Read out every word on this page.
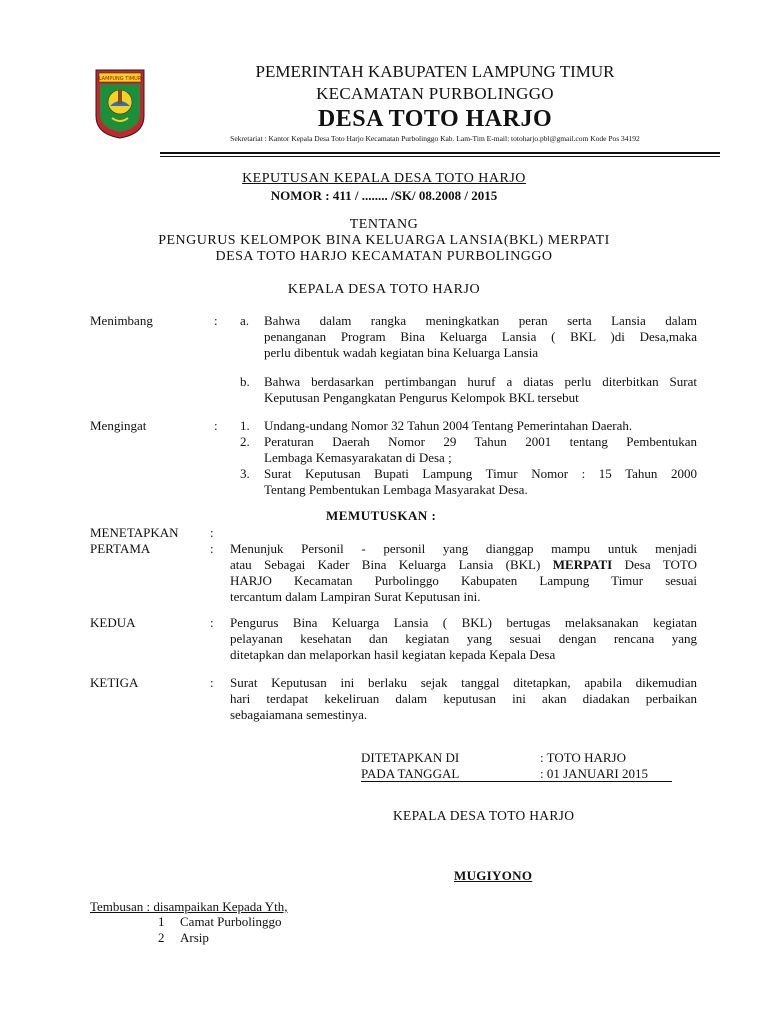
LAMPUNG TIMUR	PEMERINTAH KABUPATEN LAMPUNG TIMUR
KECAMATAN PURBOLINGGO
DESA TOTO HARJO
Sekretariat : Kantor Kepala Desa Toto Harjo Kecamatan Purbolinggo Kab. Lam-Tim E-mail: totoharjo.pbl@gmail.com Kode Pos 34192
KEPUTUSAN KEPALA DESA TOTO HARJO
NOMOR : 411 / ........ /SK/ 08.2008 / 2015
TENTANG
PENGURUS KELOMPOK BINA KELUARGA LANSIA(BKL) MERPATI
DESA TOTO HARJO KECAMATAN PURBOLINGGO
KEPALA DESA TOTO HARJO
Menimbang	: a. Bahwa dalam rangka meningkatkan peran serta Lansia dalam
penanganan Program Bina Keluarga Lansia ( BKL )di Desa,maka
perlu dibentuk wadah kegiatan bina Keluarga Lansia
b. Bahwa berdasarkan pertimbangan huruf a diatas perlu diterbitkan Surat
Keputusan Pengangkatan Pengurus Kelompok BKL tersebut
Mengingat	: 1. Undang-undang Nomor 32 Tahun 2004 Tentang Pemerintahan Daerah.
2. Peraturan Daerah Nomor 29 Tahun 2001 tentang Pembentukan
Lembaga Kemasyarakatan di Desa ;
3. Surat Keputusan Bupati Lampung Timur Nomor : 15 Tahun 2000
Tentang Pembentukan Lembaga Masyarakat Desa.
MEMUTUSKAN :
MENETAPKAN :
PERTAMA	: Menunjuk Personil - personil yang dianggap mampu untuk menjadi
atau Sebagai Kader Bina Keluarga Lansia (BKL) MERPATI Desa TOTO
HARJO Kecamatan Purbolinggo Kabupaten Lampung Timur sesuai
tercantum dalam Lampiran Surat Keputusan ini.
KEDUA	: Pengurus Bina Keluarga Lansia ( BKL) bertugas melaksanakan kegiatan
pelayanan kesehatan dan kegiatan yang sesuai dengan rencana yang
ditetapkan dan melaporkan hasil kegiatan kepada Kepala Desa
KETIGA	: Surat Keputusan ini berlaku sejak tanggal ditetapkan, apabila dikemudian
hari terdapat kekeliruan dalam keputusan ini akan diadakan perbaikan
sebagaiamana semestinya.
DITETAPKAN DI	: TOTO HARJO
PADA TANGGAL	: 01 JANUARI 2015
KEPALA DESA TOTO HARJO
MUGIYONO
Tembusan : disampaikan Kepada Yth,
1 Camat Purbolinggo
2 Arsip
